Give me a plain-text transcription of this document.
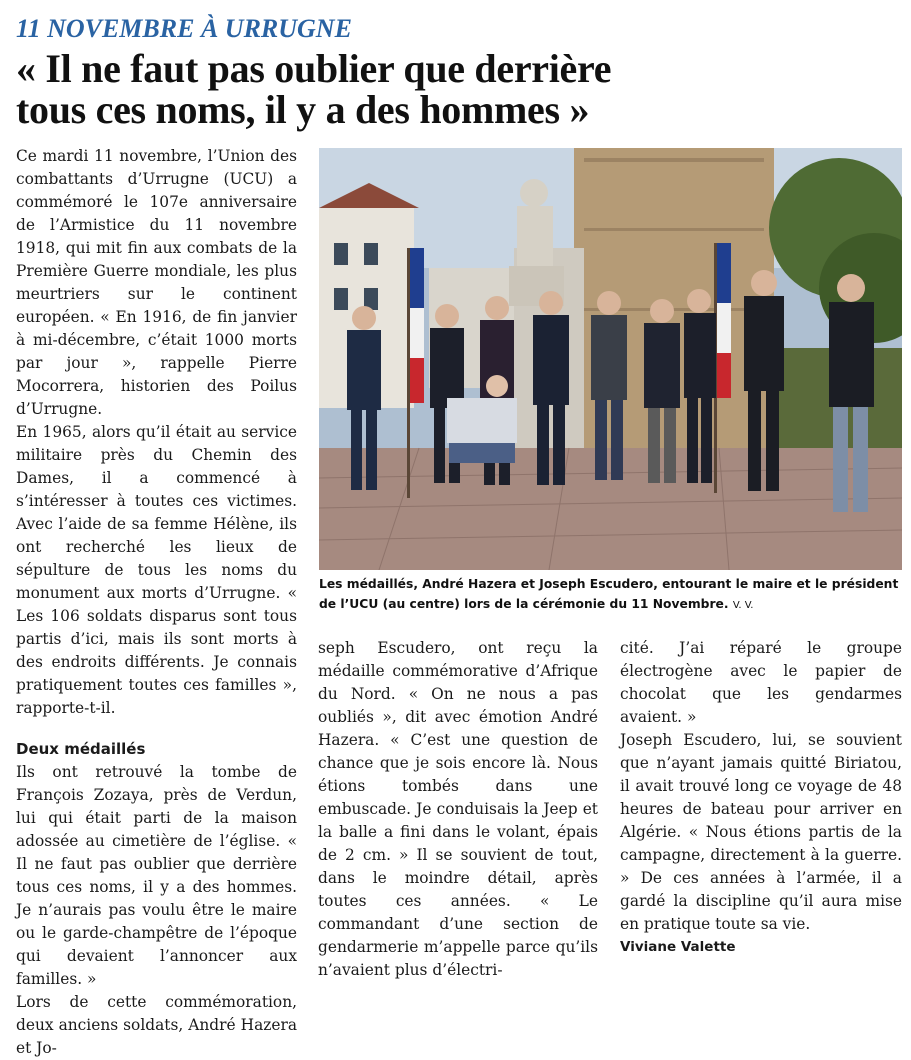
11 NOVEMBRE À URRUGNE
« Il ne faut pas oublier que derrière
tous ces noms, il y a des hommes »

Ce mardi 11 novembre, l’Union des combattants d’Urrugne (UCU) a commémoré le 107e anniversaire de l’Armistice du 11 novembre 1918, qui mit fin aux combats de la Première Guerre mondiale, les plus meurtriers sur le continent européen. « En 1916, de fin janvier à mi-décembre, c’était 1000 morts par jour », rappelle Pierre Mocorrera, historien des Poilus d’Urrugne.

En 1965, alors qu’il était au service militaire près du Chemin des Dames, il a commencé à s’intéresser à toutes ces victimes. Avec l’aide de sa femme Hélène, ils ont recherché les lieux de sépulture de tous les noms du monument aux morts d’Urrugne. « Les 106 soldats disparus sont tous partis d’ici, mais ils sont morts à des endroits différents. Je connais pratiquement toutes ces familles », rapporte-t-il.

Deux médaillés

Ils ont retrouvé la tombe de François Zozaya, près de Verdun, lui qui était parti de la maison adossée au cimetière de l’église. « Il ne faut pas oublier que derrière tous ces noms, il y a des hommes. Je n’aurais pas voulu être le maire ou le garde-champêtre de l’époque qui devaient l’annoncer aux familles. »

Lors de cette commémoration, deux anciens soldats, André Hazera et Jo-

Les médaillés, André Hazera et Joseph Escudero, entourant le maire et le président de l’UCU (au centre) lors de la cérémonie du 11 Novembre. V. V.

seph Escudero, ont reçu la médaille commémorative d’Afrique du Nord. « On ne nous a pas oubliés », dit avec émotion André Hazera. « C’est une question de chance que je sois encore là. Nous étions tombés dans une embuscade. Je conduisais la Jeep et la balle a fini dans le volant, épais de 2 cm. » Il se souvient de tout, dans le moindre détail, après toutes ces années. « Le commandant d’une section de gendarmerie m’appelle parce qu’ils n’avaient plus d’électri-

cité. J’ai réparé le groupe électrogène avec le papier de chocolat que les gendarmes avaient. »

Joseph Escudero, lui, se souvient que n’ayant jamais quitté Biriatou, il avait trouvé long ce voyage de 48 heures de bateau pour arriver en Algérie. « Nous étions partis de la campagne, directement à la guerre. » De ces années à l’armée, il a gardé la discipline qu’il aura mise en pratique toute sa vie.

Viviane Valette
